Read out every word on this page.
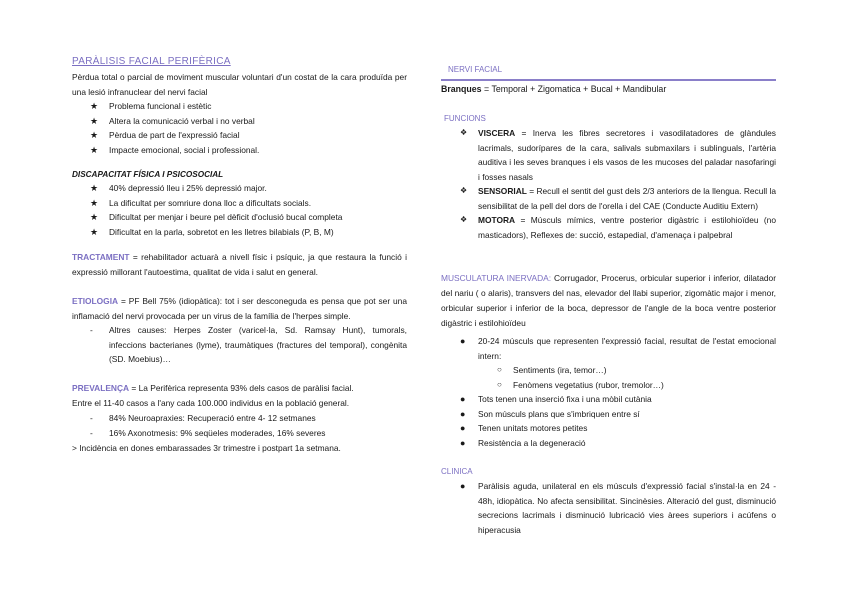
PARÀLISIS FACIAL PERIFÈRICA

Pèrdua total o parcial de moviment muscular voluntari d'un costat de la cara produïda per una lesió infranuclear del nervi facial

★ Problema funcional i estètic
★ Altera la comunicació verbal i no verbal
★ Pèrdua de part de l'expressió facial
★ Impacte emocional, social i professional.
DISCAPACITAT FÍSICA I PSICOSOCIAL
★ 40% depressió lleu i 25% depressió major.
★ La dificultat per somriure dona lloc a dificultats socials.
★ Dificultat per menjar i beure pel dèficit d'oclusió bucal completa
★ Dificultat en la parla, sobretot en les lletres bilabials (P, B, M)

TRACTAMENT = rehabilitador actuarà a nivell físic i psíquic, ja que restaura la funció i expressió millorant l'autoestima, qualitat de vida i salut en general.

ETIOLOGIA = PF Bell 75% (idiopàtica): tot i ser desconeguda es pensa que pot ser una inflamació del nervi provocada per un virus de la família de l'herpes simple.

- Altres causes: Herpes Zoster (varicel·la, Sd. Ramsay Hunt), tumorals, infeccions bacterianes (lyme), traumàtiques (fractures del temporal), congènita (SD. Moebius)…

PREVALENÇA = La Perifèrica representa 93% dels casos de paràlisi facial.

Entre el 11-40 casos a l'any cada 100.000 individus en la població general.

- 84% Neuroapraxies: Recuperació entre 4- 12 setmanes
- 16% Axonotmesis: 9% seqüeles moderades, 16% severes

> Incidència en dones embarassades 3r trimestre i postpart 1a setmana.

NERVI FACIAL

Branques = Temporal + Zigomatica + Bucal + Mandibular

FUNCIONS
❖ VISCERA = Inerva les fibres secretores i vasodilatadores de glàndules lacrimals, sudorípares de la cara, salivals submaxilars i sublinguals, l'artèria auditiva i les seves branques i els vasos de les mucoses del paladar nasofaringi i fosses nasals
❖ SENSORIAL = Recull el sentit del gust dels 2/3 anteriors de la llengua. Recull la sensibilitat de la pell del dors de l'orella i del CAE (Conducte Auditiu Extern)
❖ MOTORA = Músculs mímics, ventre posterior digàstric i estilohioïdeu (no masticadors), Reflexes de: succió, estapedial, d'amenaça i palpebral

MUSCULATURA INERVADA: Corrugador, Procerus, orbicular superior i inferior, dilatador del nariu ( o alaris), transvers del nas, elevador del llabi superior, zigomàtic major i menor, orbicular superior i inferior de la boca, depressor de l'angle de la boca ventre posterior digàstric i estilohioïdeu

● 20-24 músculs que representen l'expressió facial, resultat de l'estat emocional intern:
○ Sentiments (ira, temor…)
○ Fenòmens vegetatius (rubor, tremolor…)
● Tots tenen una inserció fixa i una mòbil cutània
● Son músculs plans que s'imbriquen entre sí
● Tenen unitats motores petites
● Resistència a la degeneració
CLINICA
● Paràlisis aguda, unilateral en els músculs d'expressió facial s'instal·la en 24 - 48h, idiopàtica. No afecta sensibilitat. Sincinèsies. Alteració del gust, disminució secrecions lacrimals i disminució lubricació vies àrees superiors i acúfens o hiperacusia
